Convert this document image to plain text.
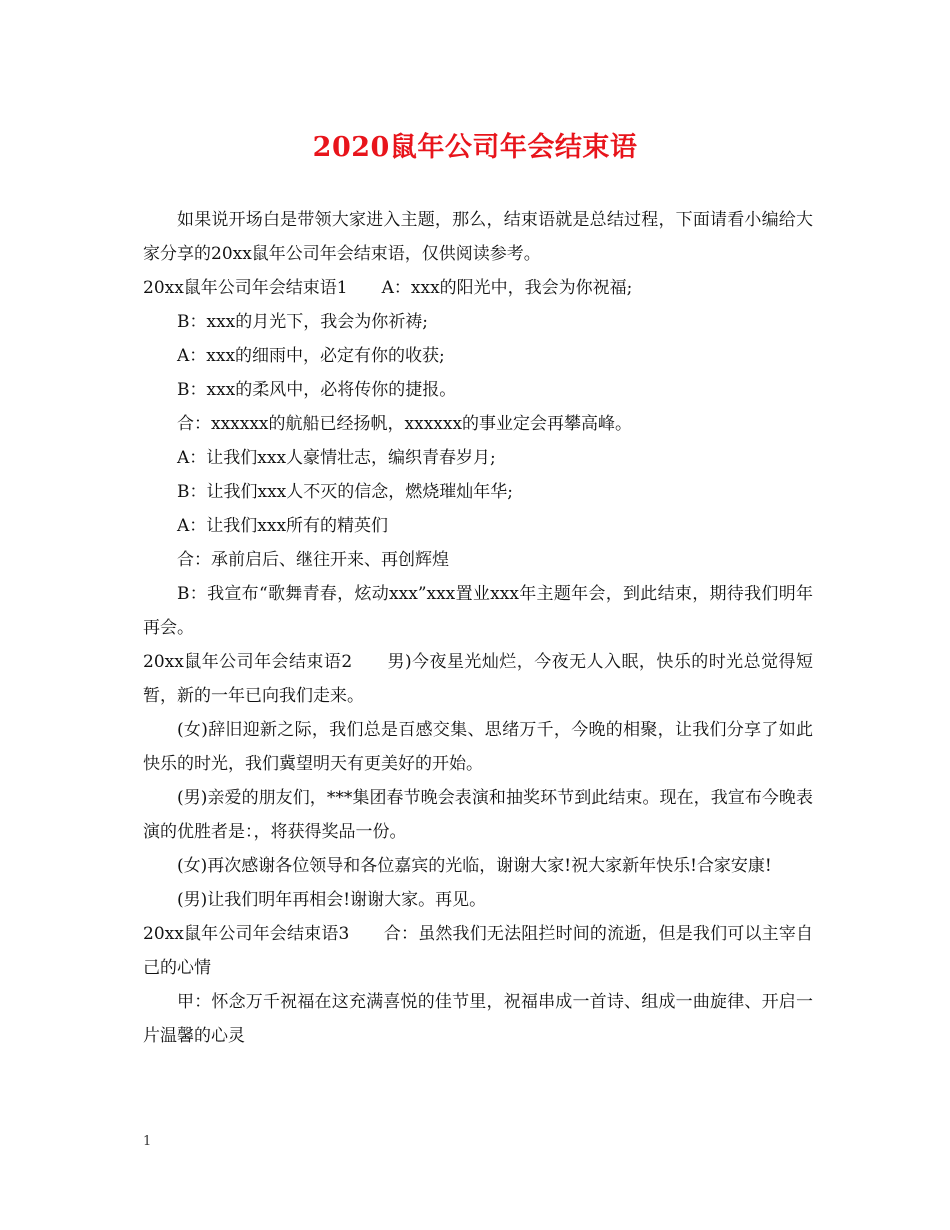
2020鼠年公司年会结束语

如果说开场白是带领大家进入主题，那么，结束语就是总结过程，下面请看小编给大家分享的20xx鼠年公司年会结束语，仅供阅读参考。

20xx鼠年公司年会结束语1　　A：xxx的阳光中，我会为你祝福;

B：xxx的月光下，我会为你祈祷;

A：xxx的细雨中，必定有你的收获;

B：xxx的柔风中，必将传你的捷报。

合：xxxxxx的航船已经扬帆，xxxxxx的事业定会再攀高峰。

A：让我们xxx人豪情壮志，编织青春岁月;

B：让我们xxx人不灭的信念，燃烧璀灿年华;

A：让我们xxx所有的精英们

合：承前启后、继往开来、再创辉煌

B：我宣布“歌舞青春，炫动xxx”xxx置业xxx年主题年会，到此结束，期待我们明年再会。

20xx鼠年公司年会结束语2　　男)今夜星光灿烂，今夜无人入眠，快乐的时光总觉得短暂，新的一年已向我们走来。

(女)辞旧迎新之际，我们总是百感交集、思绪万千，今晚的相聚，让我们分享了如此快乐的时光，我们冀望明天有更美好的开始。

(男)亲爱的朋友们，***集团春节晚会表演和抽奖环节到此结束。现在，我宣布今晚表演的优胜者是：，将获得奖品一份。

(女)再次感谢各位领导和各位嘉宾的光临，谢谢大家!祝大家新年快乐!合家安康!

(男)让我们明年再相会!谢谢大家。再见。

20xx鼠年公司年会结束语3　　合：虽然我们无法阻拦时间的流逝，但是我们可以主宰自己的心情

甲：怀念万千祝福在这充满喜悦的佳节里，祝福串成一首诗、组成一曲旋律、开启一片温馨的心灵

1
